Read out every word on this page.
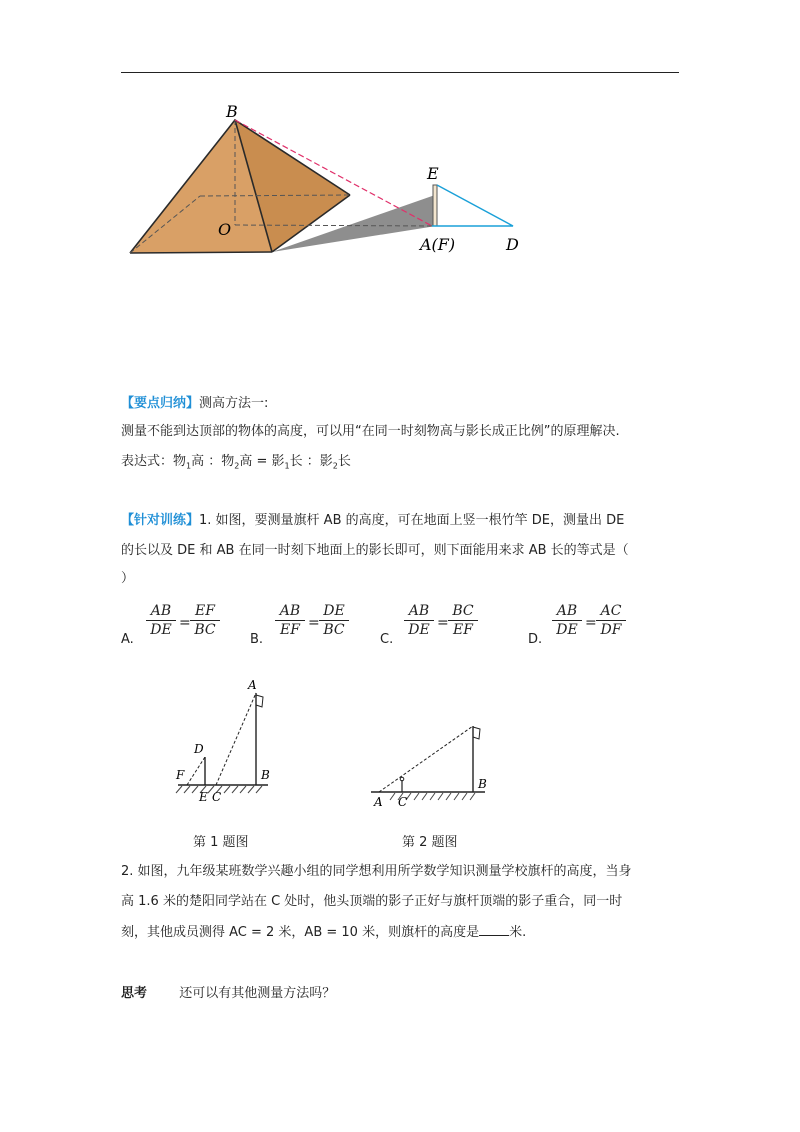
B
O
E
A(F)	D
【要点归纳】测高方法一:
测量不能到达顶部的物体的高度，可以用“在同一时刻物高与影长成正比例”的原理解决.
表达式：物$_1$高 ：物$_2$高 = 影$_1$长 ：影$_2$长
【针对训练】1. 如图，要测量旗杆 AB 的高度，可在地面上竖一根竹竿 DE，测量出 DE
的长以及 DE 和 AB 在同一时刻下地面上的影长即可，则下面能用来求 AB 长的等式是（
）
A.
AB
DE =
EF
BC
B.
AB
EF =
DE
BC
C.
AB
DE =
BC
EF
D.
AB
DE =
AC
DF
A
B
C
D
E
F
第 1 题图
A
B
C
第 2 题图
2. 如图，九年级某班数学兴趣小组的同学想利用所学数学知识测量学校旗杆的高度，当身
高 1.6 米的楚阳同学站在 C 处时，他头顶端的影子正好与旗杆顶端的影子重合，同一时
刻，其他成员测得 AC = 2 米，AB = 10 米，则旗杆的高度是 米.
思考 还可以有其他测量方法吗？
